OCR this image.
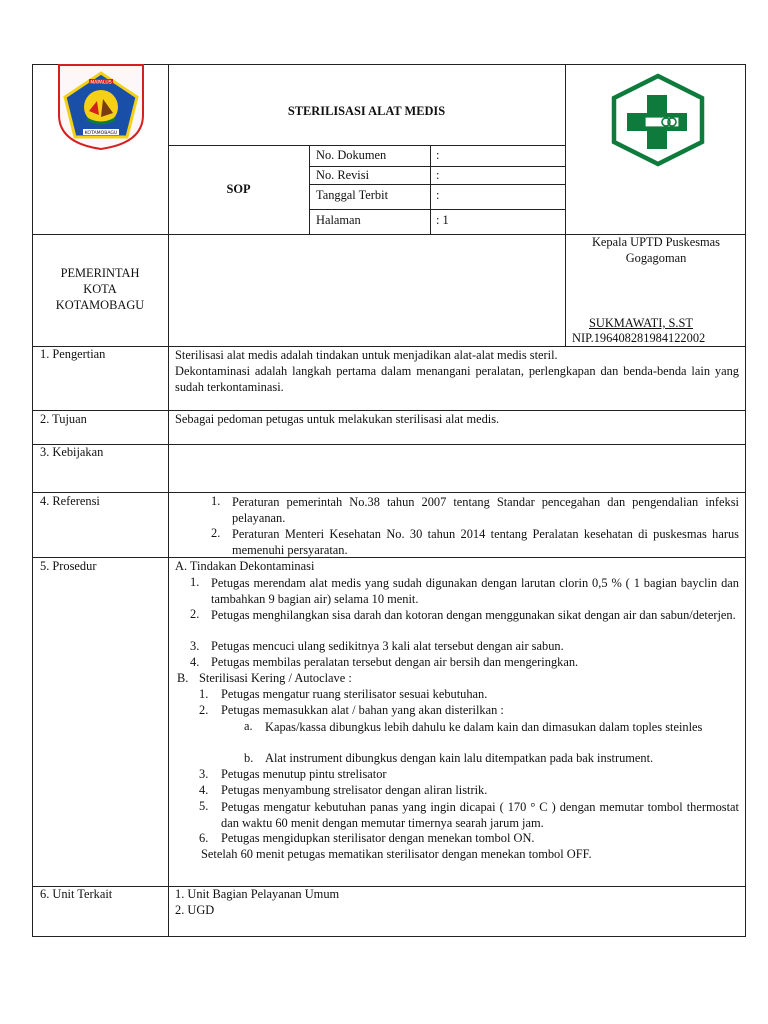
MAPALUS
KOTAMOBAGU
STERILISASI ALAT MEDIS
SOP
No. Dokumen	:
No. Revisi	:
Tanggal Terbit	:
Halaman	: 1
PEMERINTAH
KOTA
KOTAMOBAGU
Kepala UPTD Puskesmas
Gogagoman
SUKMAWATI, S.ST
NIP.196408281984122002
1. Pengertian	Sterilisasi alat medis adalah tindakan untuk menjadikan alat-alat medis steril.
Dekontaminasi adalah langkah pertama dalam menangani peralatan, perlengkapan dan benda-benda lain yang sudah terkontaminasi.
2. Tujuan	Sebagai pedoman petugas untuk melakukan sterilisasi alat medis.
3. Kebijakan
4. Referensi	1. Peraturan pemerintah No.38 tahun 2007 tentang Standar pencegahan dan pengendalian infeksi pelayanan.
2. Peraturan Menteri Kesehatan No. 30 tahun 2014 tentang Peralatan kesehatan di puskesmas harus memenuhi persyaratan.
5. Prosedur	A. Tindakan Dekontaminasi
1. Petugas merendam alat medis yang sudah digunakan dengan larutan clorin 0,5 % ( 1 bagian bayclin dan tambahkan 9 bagian air) selama 10 menit.
2. Petugas menghilangkan sisa darah dan kotoran dengan menggunakan sikat dengan air dan sabun/deterjen.
3. Petugas mencuci ulang sedikitnya 3 kali alat tersebut dengan air sabun.
4. Petugas membilas peralatan tersebut dengan air bersih dan mengeringkan.
B. Sterilisasi Kering / Autoclave :
1. Petugas mengatur ruang sterilisator sesuai kebutuhan.
2. Petugas memasukkan alat / bahan yang akan disterilkan :
a. Kapas/kassa dibungkus lebih dahulu ke dalam kain dan dimasukan dalam toples steinles
b. Alat instrument dibungkus dengan kain lalu ditempatkan pada bak instrument.
3. Petugas menutup pintu strelisator
4. Petugas menyambung strelisator dengan aliran listrik.
5. Petugas mengatur kebutuhan panas yang ingin dicapai ( 170 ° C ) dengan memutar tombol thermostat dan waktu 60 menit dengan memutar timernya searah jarum jam.
6. Petugas mengidupkan sterilisator dengan menekan tombol ON.
Setelah 60 menit petugas mematikan sterilisator dengan menekan tombol OFF.
6. Unit Terkait	1. Unit Bagian Pelayanan Umum
2. UGD
